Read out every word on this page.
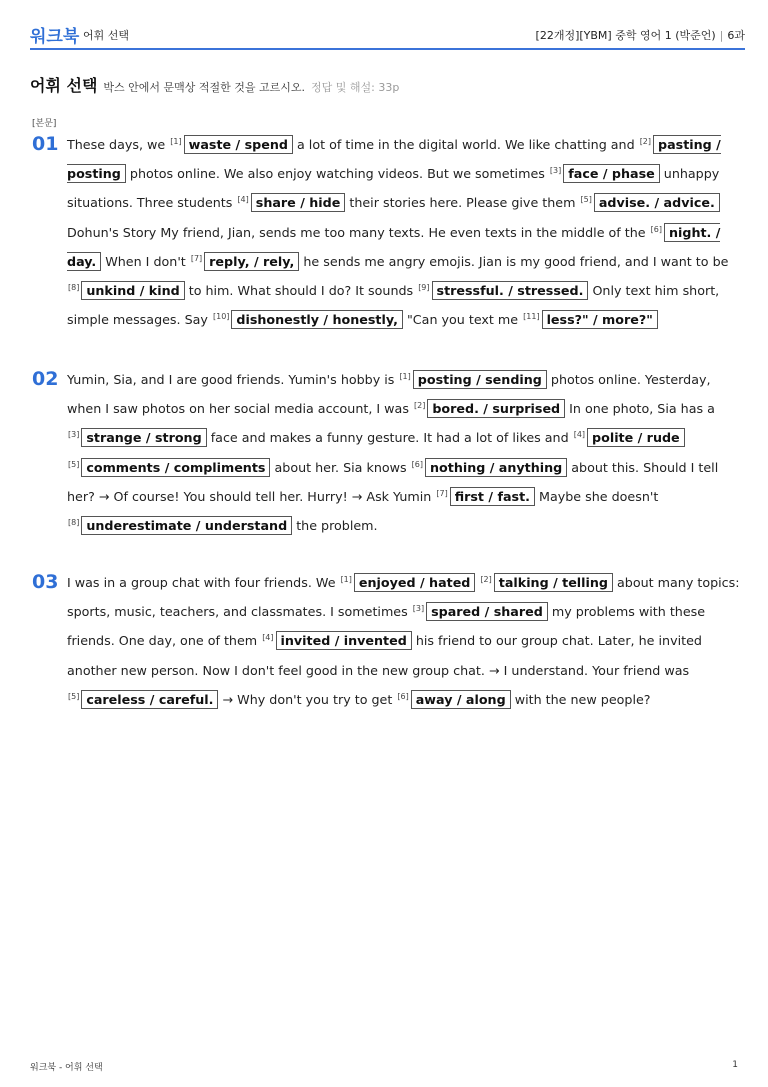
워크북 어휘 선택	[22개정][YBM] 중학 영어 1 (박준언) | 6과
어휘 선택 박스 안에서 문맥상 적절한 것을 고르시오. 정답 및 해설: 33p
[본문]
01 These days, we [1] waste / spend a lot of time in the digital world. We like chatting and [2] pasting / posting photos online. We also enjoy watching videos. But we sometimes [3] face / phase unhappy situations. Three students [4] share / hide their stories here. Please give them [5] advise. / advice. Dohun's Story My friend, Jian, sends me too many texts. He even texts in the middle of the [6] night. / day. When I don't [7] reply, / rely, he sends me angry emojis. Jian is my good friend, and I want to be [8] unkind / kind to him. What should I do? It sounds [9] stressful. / stressed. Only text him short, simple messages. Say [10] dishonestly / honestly, "Can you text me [11] less?" / more?"
02 Yumin, Sia, and I are good friends. Yumin's hobby is [1] posting / sending photos online. Yesterday, when I saw photos on her social media account, I was [2] bored. / surprised In one photo, Sia has a [3] strange / strong face and makes a funny gesture. It had a lot of likes and [4] polite / rude [5] comments / compliments about her. Sia knows [6] nothing / anything about this. Should I tell her? → Of course! You should tell her. Hurry! → Ask Yumin [7] first / fast. Maybe she doesn't [8] underestimate / understand the problem.
03 I was in a group chat with four friends. We [1] enjoyed / hated [2] talking / telling about many topics: sports, music, teachers, and classmates. I sometimes [3] spared / shared my problems with these friends. One day, one of them [4] invited / invented his friend to our group chat. Later, he invited another new person. Now I don't feel good in the new group chat. → I understand. Your friend was [5] careless / careful. → Why don't you try to get [6] away / along with the new people?
워크북 - 어휘 선택	1
